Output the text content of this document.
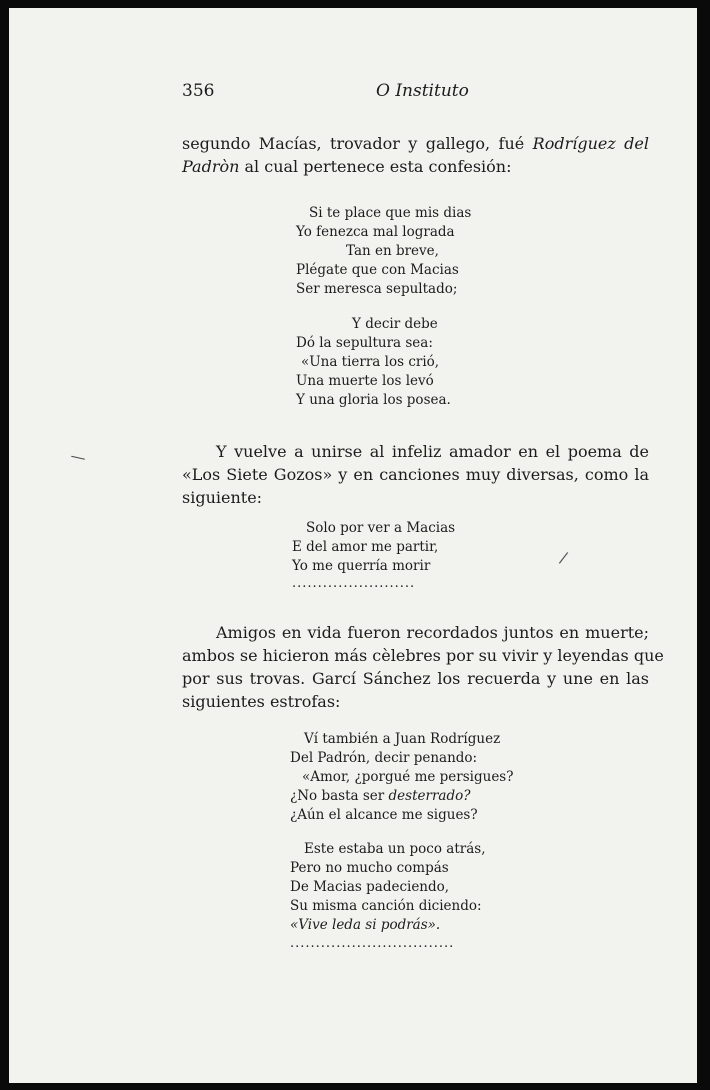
356	O Instituto
segundo Macías, trovador y gallego, fué Rodríguez del
Padròn al cual pertenece esta confesión:
Si te place que mis dias
Yo fenezca mal lograda
Tan en breve,
Plégate que con Macias
Ser meresca sepultado;
Y decir debe
Dó la sepultura sea:
«Una tierra los crió,
Una muerte los levó
Y una gloria los posea.
Y vuelve a unirse al infeliz amador en el poema de
«Los Siete Gozos» y en canciones muy diversas, como la
siguiente:
Solo por ver a Macias
E del amor me partir,
Yo me querría morir
........................
Amigos en vida fueron recordados juntos en muerte;
ambos se hicieron más cèlebres por su vivir y leyendas que
por sus trovas. Garcí Sánchez los recuerda y une en las
siguientes estrofas:
Ví también a Juan Rodríguez
Del Padrón, decir penando:
«Amor, ¿porgué me persigues?
¿No basta ser desterrado?
¿Aún el alcance me sigues?
Este estaba un poco atrás,
Pero no mucho compás
De Macias padeciendo,
Su misma canción diciendo:
«Vive leda si podrás».
................................
\
/
